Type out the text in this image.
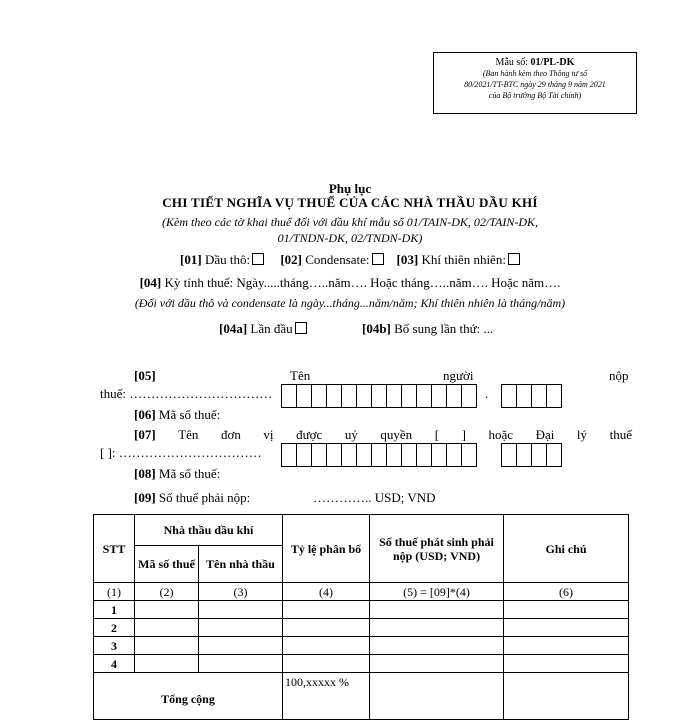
Mẫu số: 01/PL-DK
(Ban hành kèm theo Thông tư số
80/2021/TT-BTC ngày 29 tháng 9 năm 2021
của Bộ trưởng Bộ Tài chính)
Phụ lục
CHI TIẾT NGHĨA VỤ THUẾ CỦA CÁC NHÀ THẦU DẦU KHÍ
(Kèm theo các tờ khai thuế đối với dầu khí mẫu số 01/TAIN-DK, 02/TAIN-DK,
01/TNDN-DK, 02/TNDN-DK)
[01] Dầu thô: [02] Condensate: [03] Khí thiên nhiên:
[04] Kỳ tính thuế: Ngày.....tháng…..năm…. Hoặc tháng…..năm…. Hoặc năm….
(Đối với dầu thô và condensate là ngày...tháng...năm/năm; Khí thiên nhiên là tháng/năm)
[04a] Lần đầu	[04b] Bổ sung lần thứ: ...
[05]	Tên	người	nộp
thuế: ……………………………	.
[06] Mã số thuế:
[07] Tên đơn vị được uỷ quyền [ ] hoặc Đại lý thuế
[ ]: ……………………………
[08] Mã số thuế:
[09] Số thuế phải nộp:	………….. USD; VND
STT	Nhà thầu dầu khí		Tỷ lệ phân bổ	Số thuế phát sinh phải nộp (USD; VND)	Ghi chú
	Mã số thuế	Tên nhà thầu			
(1)	(2)	(3)	(4)	(5) = [09]*(4)	(6)
1					
2					
3					
4					
Tổng cộng			100,xxxxx %		
